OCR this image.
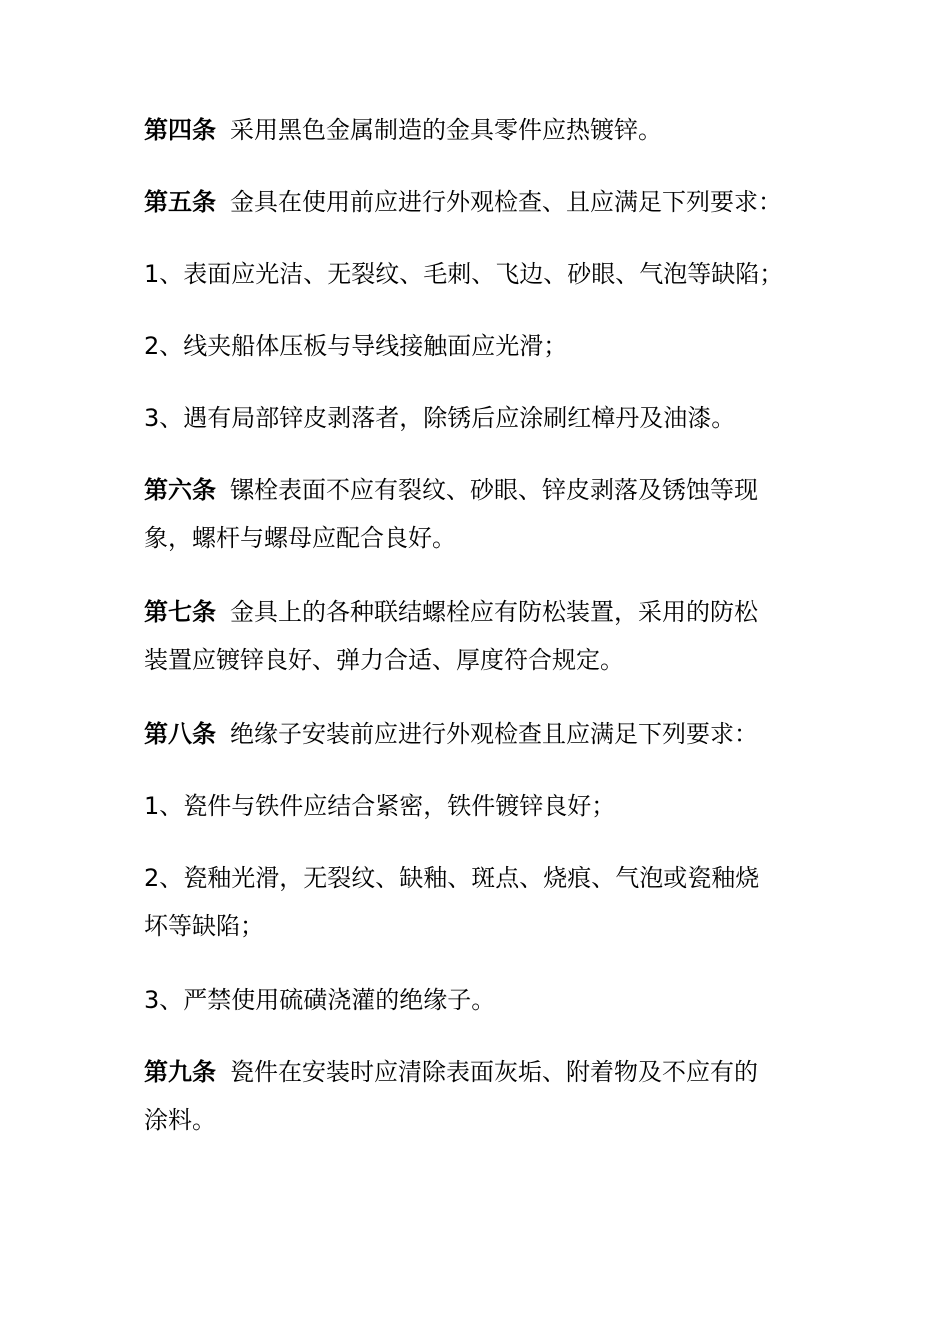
第四条 采用黑色金属制造的金具零件应热镀锌。

第五条 金具在使用前应进行外观检查、且应满足下列要求：

1、表面应光洁、无裂纹、毛刺、飞边、砂眼、气泡等缺陷；

2、线夹船体压板与导线接触面应光滑；

3、遇有局部锌皮剥落者，除锈后应涂刷红樟丹及油漆。

第六条 镙栓表面不应有裂纹、砂眼、锌皮剥落及锈蚀等现
象，螺杆与螺母应配合良好。

第七条 金具上的各种联结螺栓应有防松装置，采用的防松
装置应镀锌良好、弹力合适、厚度符合规定。

第八条 绝缘子安装前应进行外观检查且应满足下列要求：

1、瓷件与铁件应结合紧密，铁件镀锌良好；

2、瓷釉光滑，无裂纹、缺釉、斑点、烧痕、气泡或瓷釉烧
坏等缺陷；

3、严禁使用硫磺浇灌的绝缘子。

第九条 瓷件在安装时应清除表面灰垢、附着物及不应有的
涂料。
